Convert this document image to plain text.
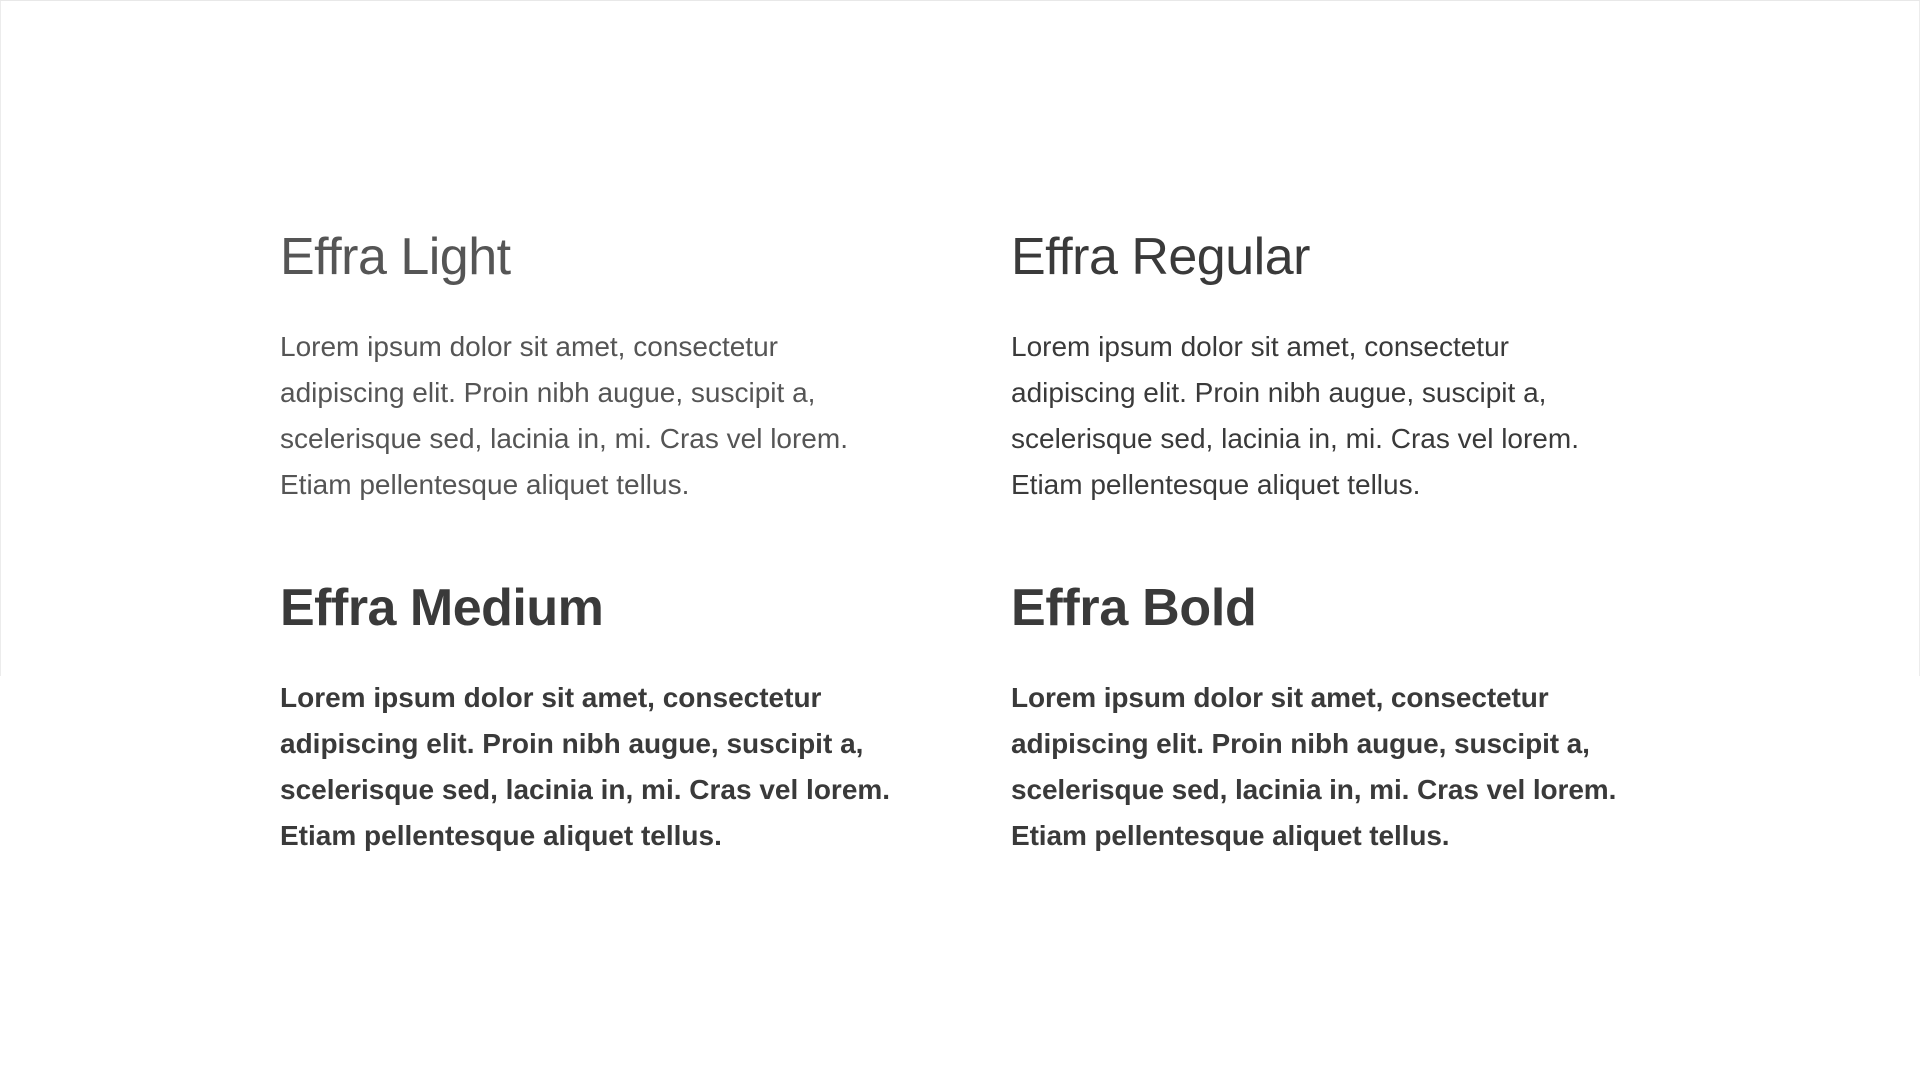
Effra Light

Lorem ipsum dolor sit amet, consectetur
adipiscing elit. Proin nibh augue, suscipit a,
scelerisque sed, lacinia in, mi. Cras vel lorem.
Etiam pellentesque aliquet tellus.

Effra Regular

Lorem ipsum dolor sit amet, consectetur
adipiscing elit. Proin nibh augue, suscipit a,
scelerisque sed, lacinia in, mi. Cras vel lorem.
Etiam pellentesque aliquet tellus.

Effra Medium

Lorem ipsum dolor sit amet, consectetur
adipiscing elit. Proin nibh augue, suscipit a,
scelerisque sed, lacinia in, mi. Cras vel lorem.
Etiam pellentesque aliquet tellus.

Effra Bold

Lorem ipsum dolor sit amet, consectetur
adipiscing elit. Proin nibh augue, suscipit a,
scelerisque sed, lacinia in, mi. Cras vel lorem.
Etiam pellentesque aliquet tellus.
